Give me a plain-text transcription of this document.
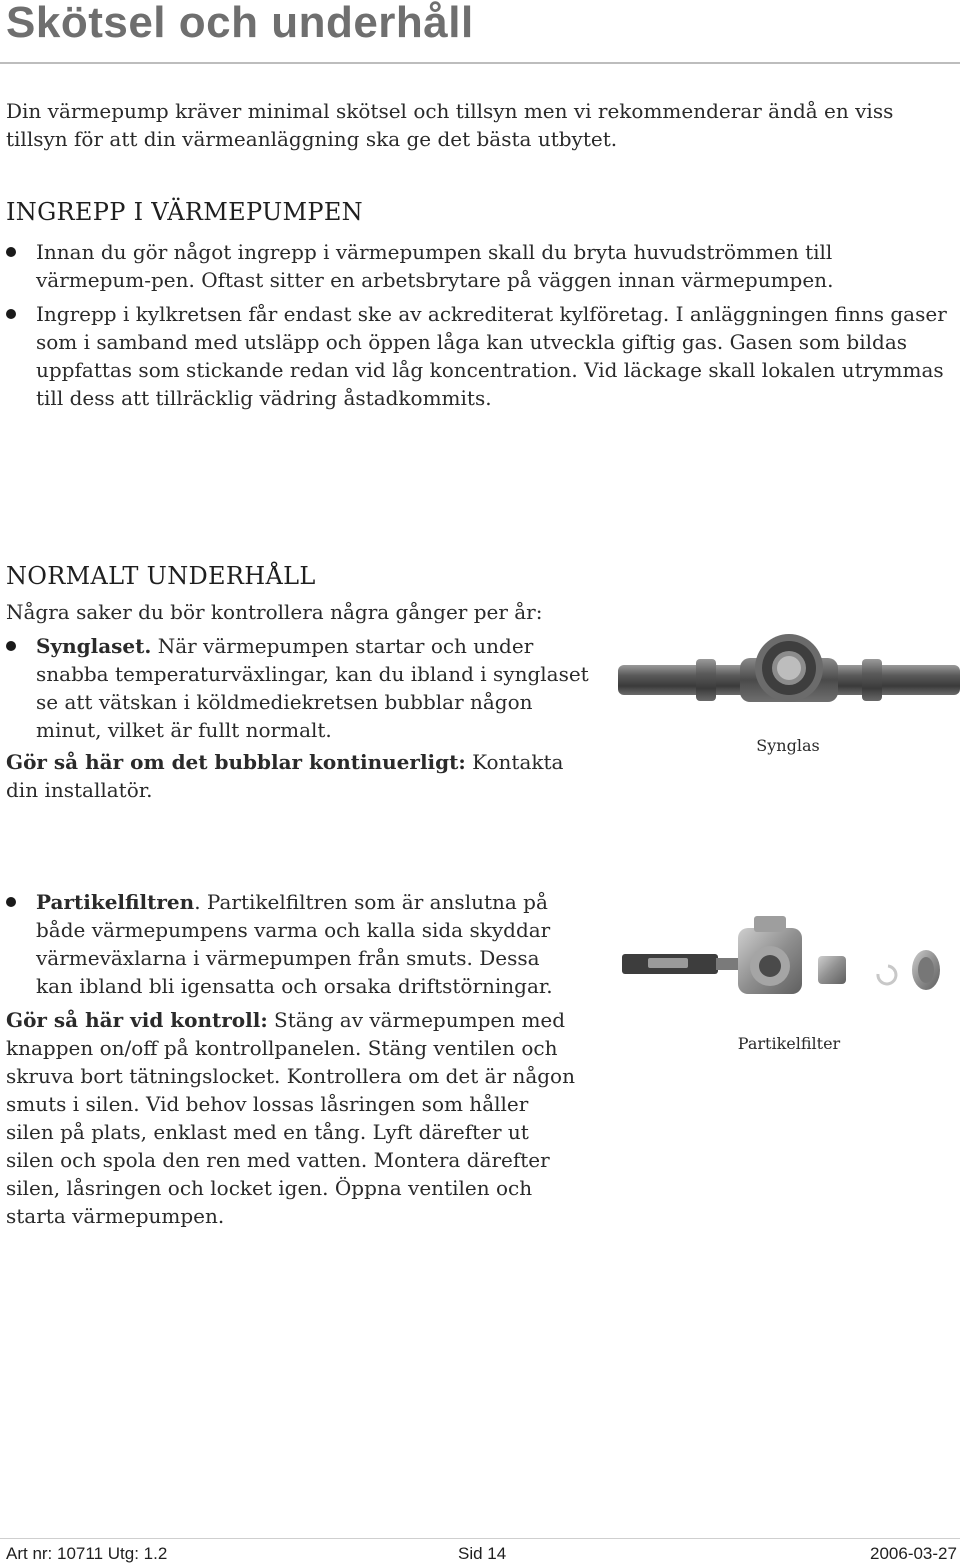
Skötsel och underhåll

Din värmepump kräver minimal skötsel och tillsyn men vi rekommenderar ändå en viss tillsyn för att din värmeanläggning ska ge det bästa utbytet.

INGREPP I VÄRMEPUMPEN

Innan du gör något ingrepp i värmepumpen skall du bryta huvudströmmen till värmepum-pen. Oftast sitter en arbetsbrytare på väggen innan värmepumpen.

Ingrepp i kylkretsen får endast ske av ackrediterat kylföretag. I anläggningen finns gaser som i samband med utsläpp och öppen låga kan utveckla giftig gas. Gasen som bildas uppfattas som stickande redan vid låg koncentration. Vid läckage skall lokalen utrymmas till dess att tillräcklig vädring åstadkommits.

NORMALT UNDERHÅLL

Några saker du bör kontrollera några gånger per år:

Synglaset. När värmepumpen startar och under snabba temperaturväxlingar, kan du ibland i synglaset se att vätskan i köldmediekretsen bubblar någon minut, vilket är fullt normalt.

Gör så här om det bubblar kontinuerligt: Kontakta din installatör.

Synglas

Partikelfiltren. Partikelfiltren som är anslutna på både värmepumpens varma och kalla sida skyddar värmeväxlarna i värmepumpen från smuts. Dessa kan ibland bli igensatta och orsaka driftstörningar.

Gör så här vid kontroll: Stäng av värmepumpen med knappen on/off på kontrollpanelen. Stäng ventilen och skruva bort tätningslocket. Kontrollera om det är någon smuts i silen. Vid behov lossas låsringen som håller silen på plats, enklast med en tång. Lyft därefter ut silen och spola den ren med vatten. Montera därefter silen, låsringen och locket igen. Öppna ventilen och starta värmepumpen.

Partikelfilter
Art nr: 10711 Utg: 1.2	Sid 14	2006-03-27
